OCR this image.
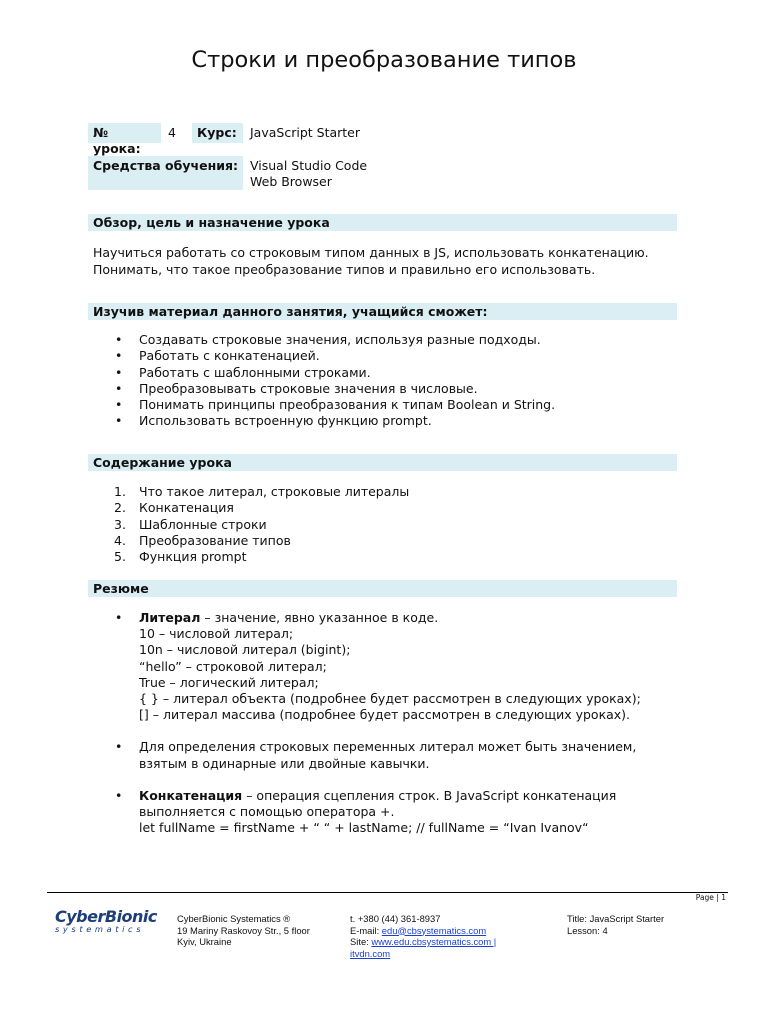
Строки и преобразование типов
№ урока:
4	Курс:	JavaScript Starter
Средства обучения: Visual Studio Code
Web Browser
Обзор, цель и назначение урока

Научиться работать со строковым типом данных в JS, использовать конкатенацию. Понимать, что такое преобразование типов и правильно его использовать.

Изучив материал данного занятия, учащийся сможет:
• Создавать строковые значения, используя разные подходы.
• Работать с конкатенацией.
• Работать с шаблонными строками.
• Преобразовывать строковые значения в числовые.
• Понимать принципы преобразования к типам Boolean и String.
• Использовать встроенную функцию prompt.
Содержание урока
1. Что такое литерал, строковые литералы
2. Конкатенация
3. Шаблонные строки
4. Преобразование типов
5. Функция prompt
Резюме
• Литерал – значение, явно указанное в коде.
10 – числовой литерал;
10n – числовой литерал (bigint);
“hello” – строковой литерал;
True – логический литерал;
{ } – литерал объекта (подробнее будет рассмотрен в следующих уроках);
[] – литерал массива (подробнее будет рассмотрен в следующих уроках).
• Для определения строковых переменных литерал может быть значением, взятым в одинарные или двойные кавычки.
• Конкатенация – операция сцепления строк. В JavaScript конкатенация выполняется с помощью оператора +.
let fullName = firstName + “ “ + lastName; // fullName = “Ivan Ivanov“
Page | 1
CyberBionic
systematics
CyberBionic Systematics ®
19 Mariny Raskovoy Str., 5 floor
Kyiv, Ukraine
t. +380 (44) 361-8937
E-mail: edu@cbsystematics.com
Site: www.edu.cbsystematics.com |
itvdn.com
Title: JavaScript Starter
Lesson: 4
